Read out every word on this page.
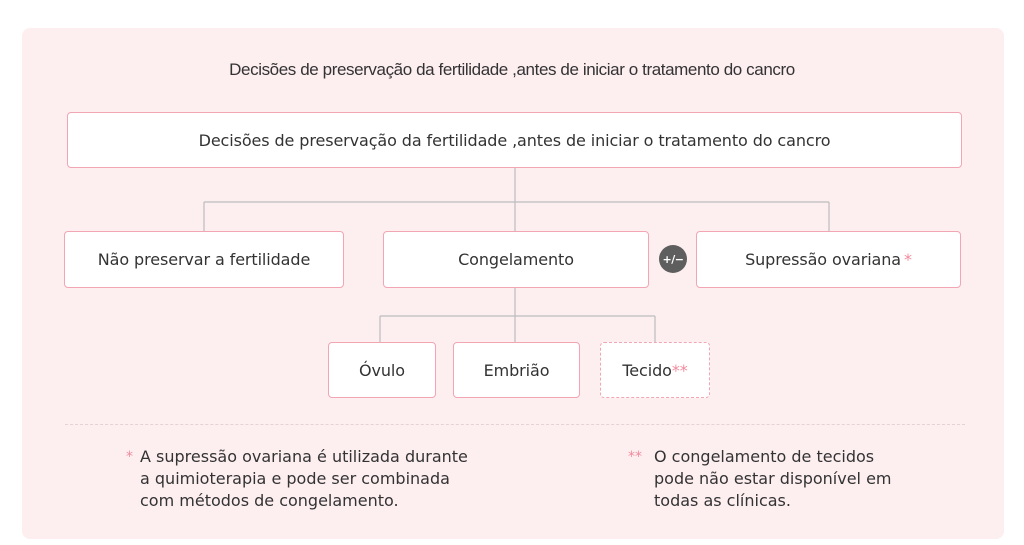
Decisões de preservação da fertilidade ,antes de iniciar o tratamento do cancro
Decisões de preservação da fertilidade ,antes de iniciar o tratamento do cancro
Não preservar a fertilidade	Congelamento	+/−	Supressão ovariana *
Óvulo	Embrião	Tecido **
* A supressão ovariana é utilizada durante
a quimioterapia e pode ser combinada
com métodos de congelamento.
** O congelamento de tecidos
pode não estar disponível em
todas as clínicas.
